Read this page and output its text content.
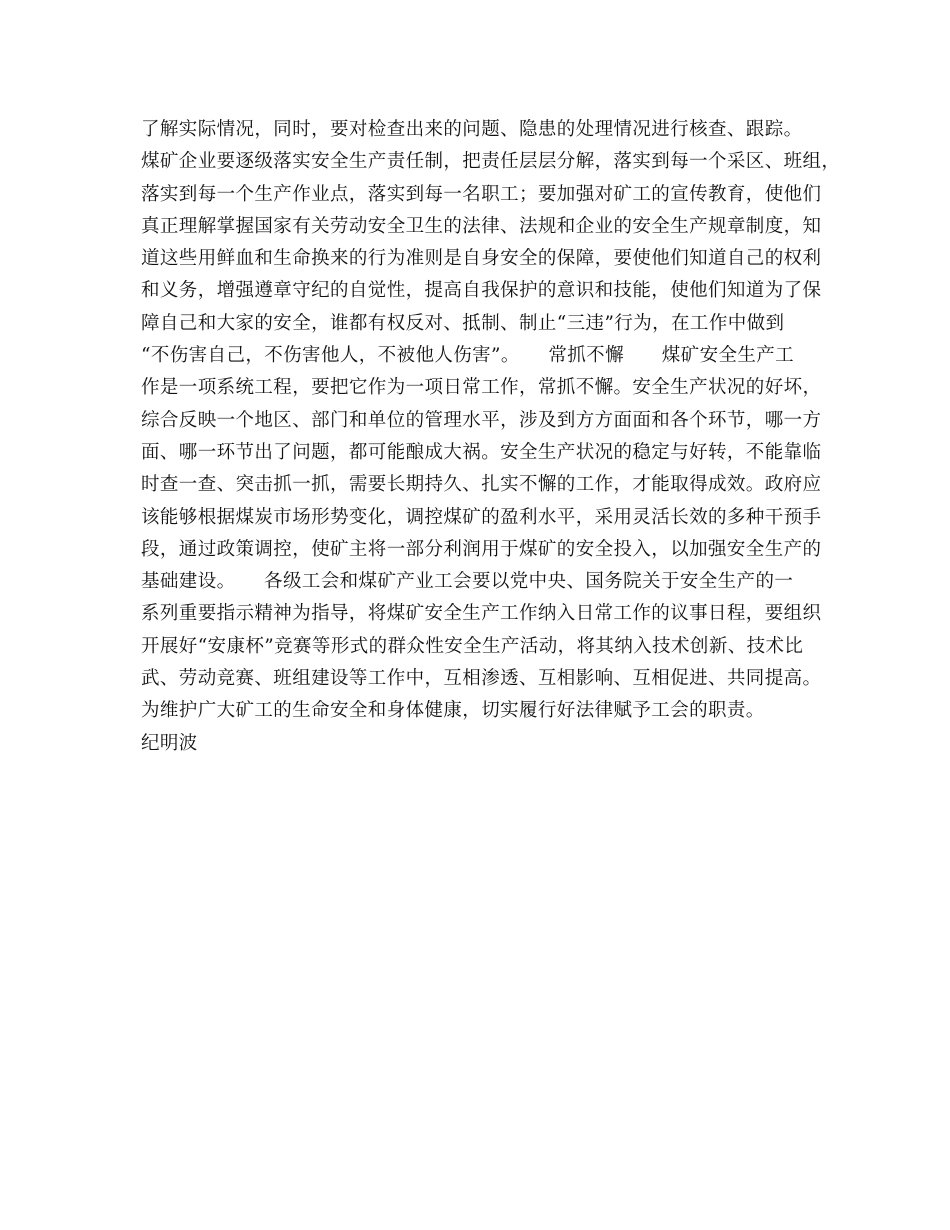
了解实际情况，同时，要对检查出来的问题、隐患的处理情况进行核查、跟踪。
煤矿企业要逐级落实安全生产责任制，把责任层层分解，落实到每一个采区、班组，
落实到每一个生产作业点，落实到每一名职工；要加强对矿工的宣传教育，使他们
真正理解掌握国家有关劳动安全卫生的法律、法规和企业的安全生产规章制度，知
道这些用鲜血和生命换来的行为准则是自身安全的保障，要使他们知道自己的权利
和义务，增强遵章守纪的自觉性，提高自我保护的意识和技能，使他们知道为了保
障自己和大家的安全，谁都有权反对、抵制、制止“三违”行为，在工作中做到
“不伤害自己，不伤害他人，不被他人伤害”。　　常抓不懈　　煤矿安全生产工
作是一项系统工程，要把它作为一项日常工作，常抓不懈。安全生产状况的好坏，
综合反映一个地区、部门和单位的管理水平，涉及到方方面面和各个环节，哪一方
面、哪一环节出了问题，都可能酿成大祸。安全生产状况的稳定与好转，不能靠临
时查一查、突击抓一抓，需要长期持久、扎实不懈的工作，才能取得成效。政府应
该能够根据煤炭市场形势变化，调控煤矿的盈利水平，采用灵活长效的多种干预手
段，通过政策调控，使矿主将一部分利润用于煤矿的安全投入，以加强安全生产的
基础建设。　　各级工会和煤矿产业工会要以党中央、国务院关于安全生产的一
系列重要指示精神为指导，将煤矿安全生产工作纳入日常工作的议事日程，要组织
开展好“安康杯”竞赛等形式的群众性安全生产活动，将其纳入技术创新、技术比
武、劳动竞赛、班组建设等工作中，互相渗透、互相影响、互相促进、共同提高。
为维护广大矿工的生命安全和身体健康，切实履行好法律赋予工会的职责。
纪明波
